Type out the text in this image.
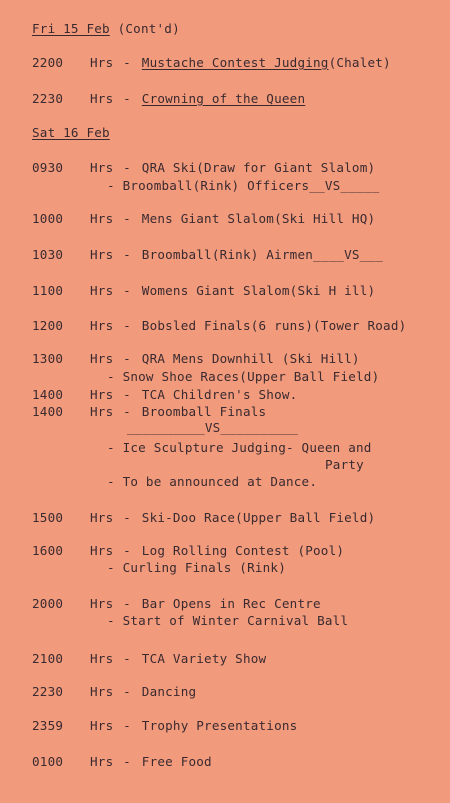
Fri 15 Feb (Cont'd)
2200 Hrs - Mustache Contest Judging(Chalet)
2230 Hrs - Crowning of the Queen
Sat 16 Feb
0930 Hrs - QRA Ski(Draw for Giant Slalom)
- Broomball(Rink) Officers__VS_____
1000 Hrs - Mens Giant Slalom(Ski Hill HQ)
1030 Hrs - Broomball(Rink) Airmen____VS___
1100 Hrs - Womens Giant Slalom(Ski H ill)
1200 Hrs - Bobsled Finals(6 runs)(Tower Road)
1300 Hrs - QRA Mens Downhill (Ski Hill)
- Snow Shoe Races(Upper Ball Field)
1400 Hrs - TCA Children's Show.
1400 Hrs - Broomball Finals
__________VS__________
- Ice Sculpture Judging- Queen and
Party
- To be announced at Dance.
1500 Hrs - Ski-Doo Race(Upper Ball Field)
1600 Hrs - Log Rolling Contest (Pool)
- Curling Finals (Rink)
2000 Hrs - Bar Opens in Rec Centre
- Start of Winter Carnival Ball
2100 Hrs - TCA Variety Show
2230 Hrs - Dancing
2359 Hrs - Trophy Presentations
0100 Hrs - Free Food
